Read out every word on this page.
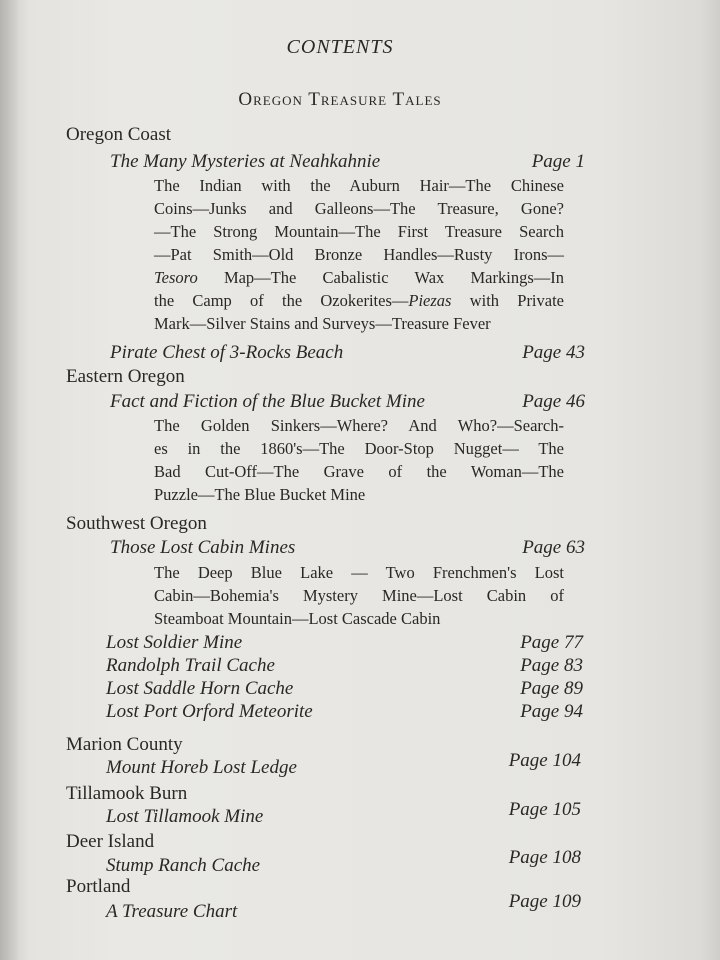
CONTENTS
Oregon Treasure Tales
Oregon Coast
The Many Mysteries at Neahkahnie	Page 1
The Indian with the Auburn Hair—The Chinese
Coins—Junks and Galleons—The Treasure, Gone?
—The Strong Mountain—The First Treasure Search
—Pat Smith—Old Bronze Handles—Rusty Irons—
Tesoro Map—The Cabalistic Wax Markings—In
the Camp of the Ozokerites—Piezas with Private
Mark—Silver Stains and Surveys—Treasure Fever
Pirate Chest of 3-Rocks Beach	Page 43
Eastern Oregon
Fact and Fiction of the Blue Bucket Mine	Page 46
The Golden Sinkers—Where? And Who?—Search-
es in the 1860's—The Door-Stop Nugget— The
Bad Cut-Off—The Grave of the Woman—The
Puzzle—The Blue Bucket Mine
Southwest Oregon
Those Lost Cabin Mines	Page 63
The Deep Blue Lake — Two Frenchmen's Lost
Cabin—Bohemia's Mystery Mine—Lost Cabin of
Steamboat Mountain—Lost Cascade Cabin
Lost Soldier Mine	Page 77
Randolph Trail Cache	Page 83
Lost Saddle Horn Cache	Page 89
Lost Port Orford Meteorite	Page 94
Marion County
Mount Horeb Lost Ledge	Page 104
Tillamook Burn
Lost Tillamook Mine	Page 105
Deer Island
Stump Ranch Cache	Page 108
Portland
A Treasure Chart	Page 109
